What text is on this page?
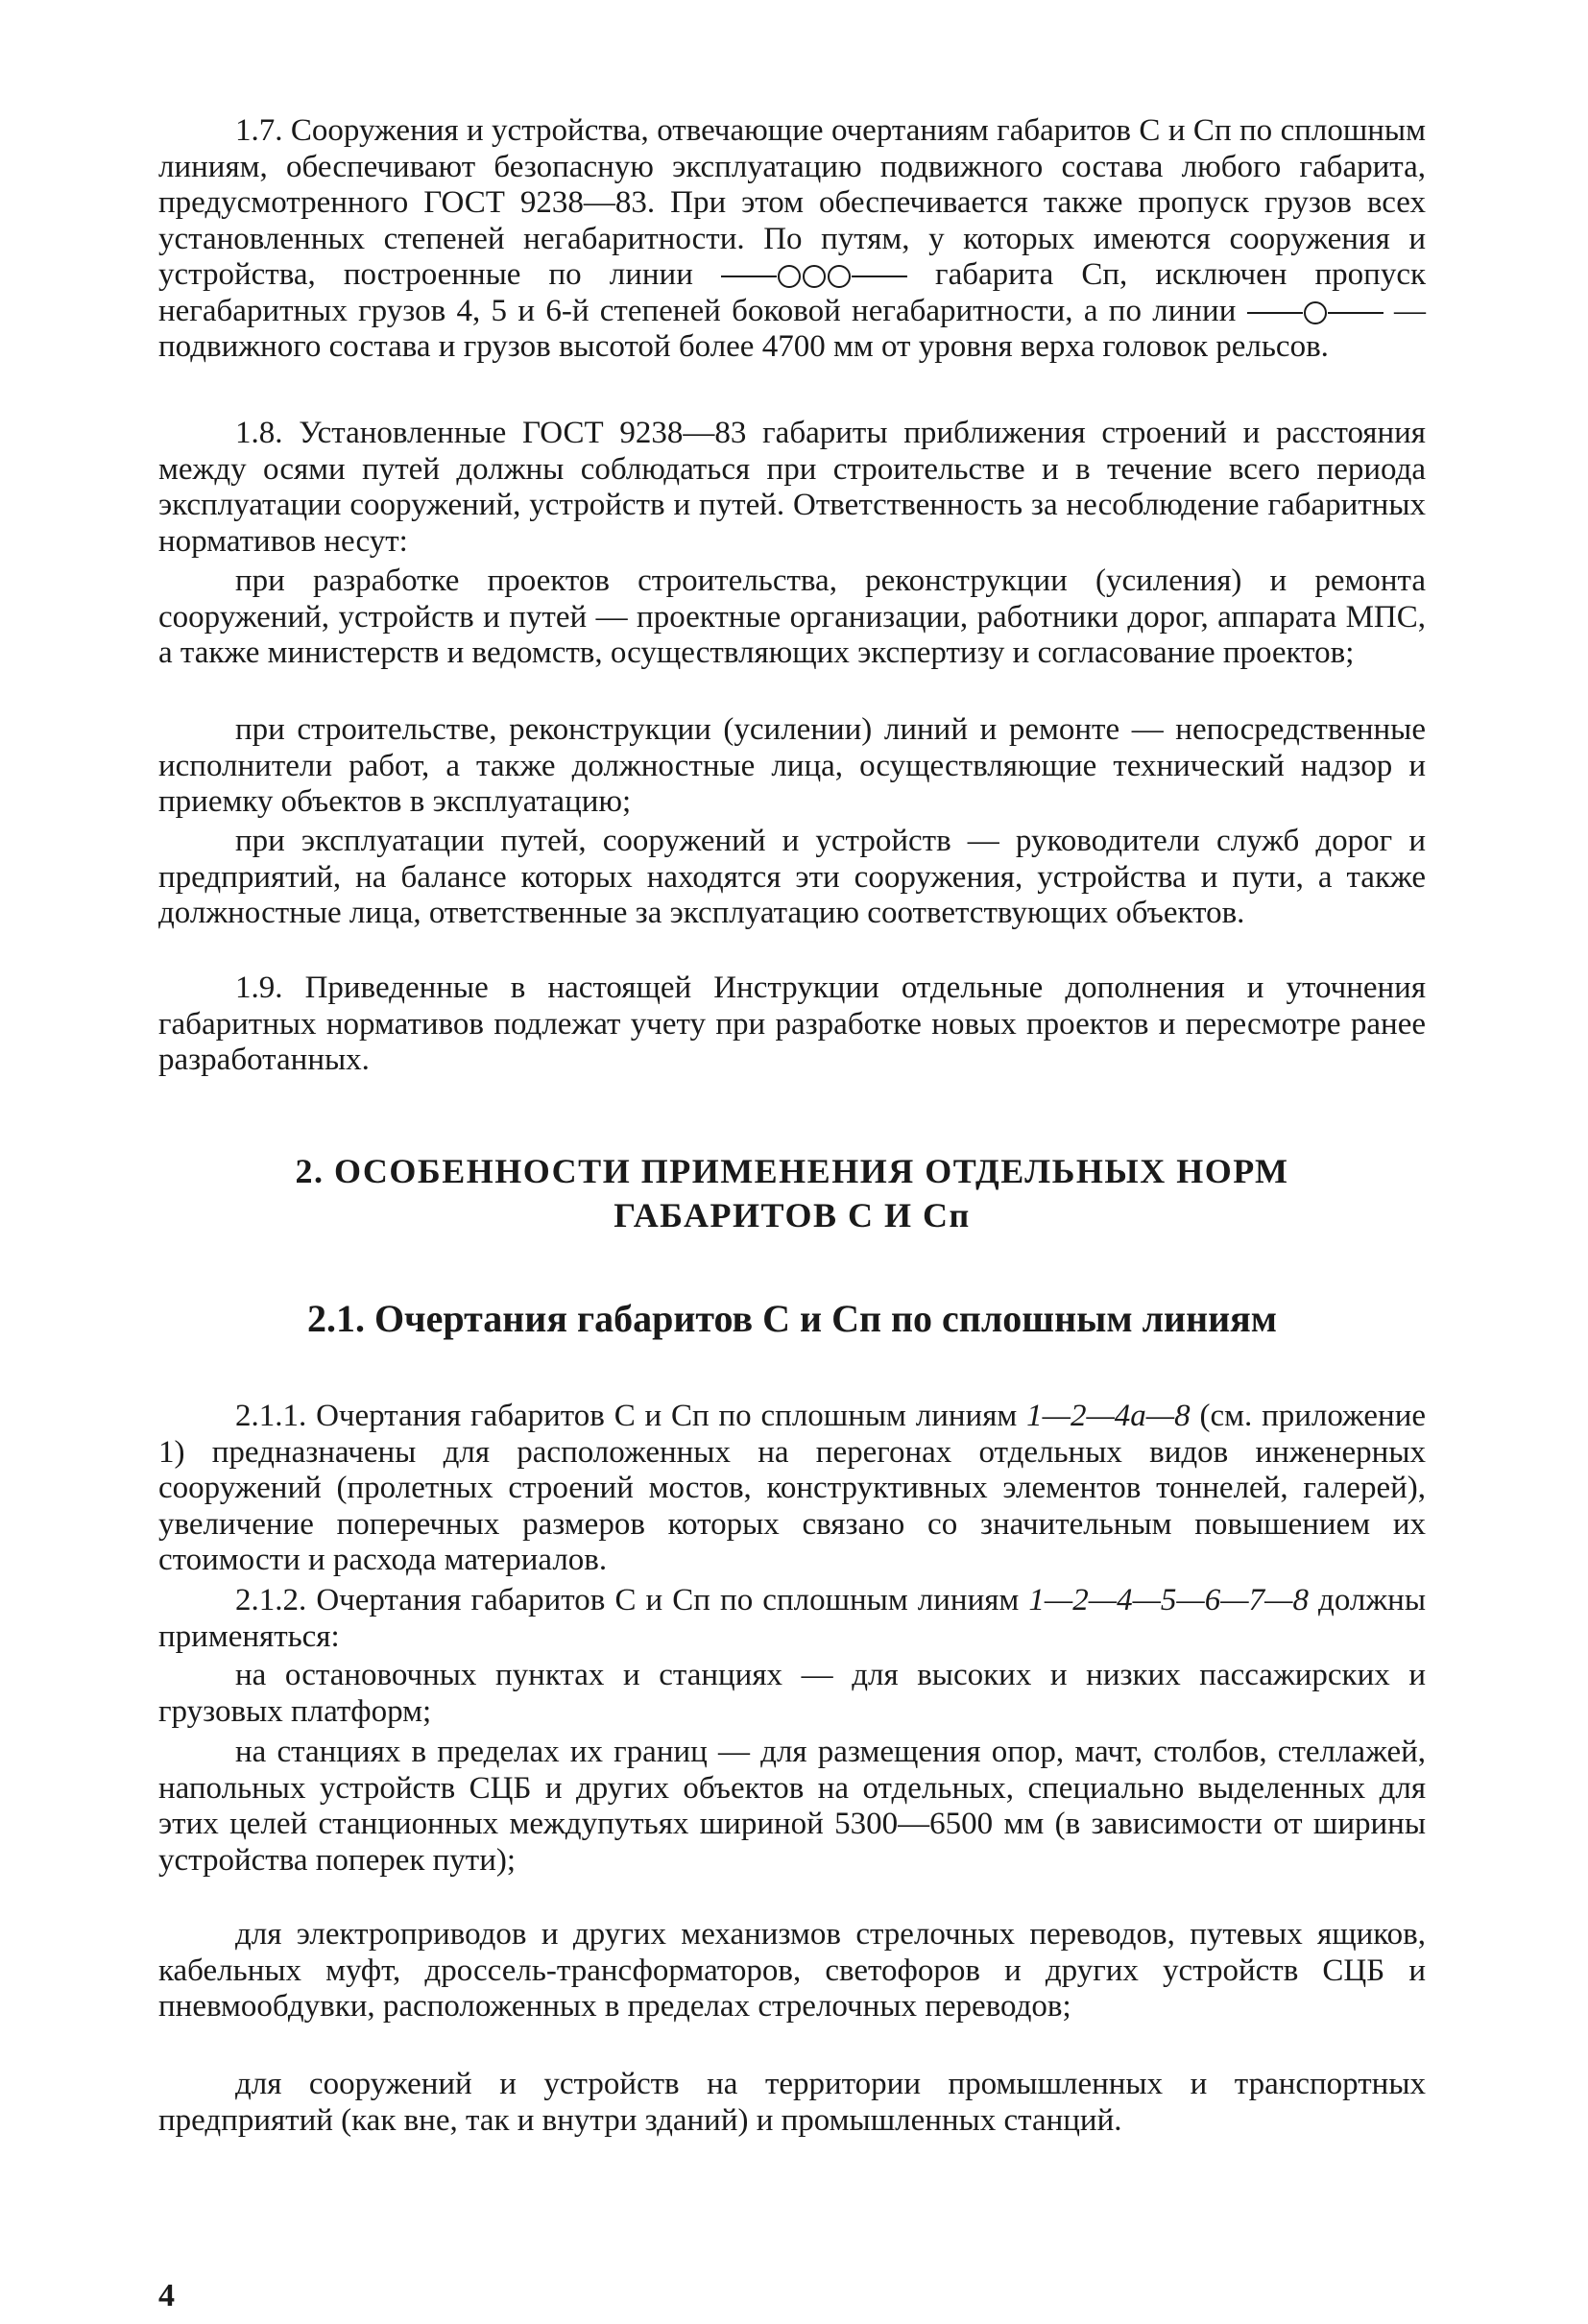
1.7. Сооружения и устройства, отвечающие очертаниям габаритов С и Сп по сплошным линиям, обеспечивают безопасную эксплуатацию подвижного состава любого габарита, предусмотренного ГОСТ 9238—83. При этом обеспечивается также пропуск грузов всех установленных степеней негабаритности. По путям, у которых имеются сооружения и устройства, построенные по линии	габарита Сп, исключен пропуск негабаритных грузов 4, 5 и 6-й степеней боковой негабаритности, а по линии	— подвижного состава и грузов высотой более 4700 мм от уровня верха головок рельсов.

1.8. Установленные ГОСТ 9238—83 габариты приближения строений и расстояния между осями путей должны соблюдаться при строительстве и в течение всего периода эксплуатации сооружений, устройств и путей. Ответственность за несоблюдение габаритных нормативов несут:

при разработке проектов строительства, реконструкции (усиления) и ремонта сооружений, устройств и путей — проектные организации, работники дорог, аппарата МПС, а также министерств и ведомств, осуществляющих экспертизу и согласование проектов;

при строительстве, реконструкции (усилении) линий и ремонте — непосредственные исполнители работ, а также должностные лица, осуществляющие технический надзор и приемку объектов в эксплуатацию;

при эксплуатации путей, сооружений и устройств — руководители служб дорог и предприятий, на балансе которых находятся эти сооружения, устройства и пути, а также должностные лица, ответственные за эксплуатацию соответствующих объектов.

1.9. Приведенные в настоящей Инструкции отдельные дополнения и уточнения габаритных нормативов подлежат учету при разработке новых проектов и пересмотре ранее разработанных.

2. ОСОБЕННОСТИ ПРИМЕНЕНИЯ ОТДЕЛЬНЫХ НОРМ
ГАБАРИТОВ С И Сп
2.1. Очертания габаритов С и Сп по сплошным линиям

2.1.1. Очертания габаритов С и Сп по сплошным линиям 1—2—4а—8 (см. приложение 1) предназначены для расположенных на перегонах отдельных видов инженерных сооружений (пролетных строений мостов, конструктивных элементов тоннелей, галерей), увеличение поперечных размеров которых связано со значительным повышением их стоимости и расхода материалов.

2.1.2. Очертания габаритов С и Сп по сплошным линиям 1—2—4—5—6—7—8 должны применяться:

на остановочных пунктах и станциях — для высоких и низких пассажирских и грузовых платформ;

на станциях в пределах их границ — для размещения опор, мачт, столбов, стеллажей, напольных устройств СЦБ и других объектов на отдельных, специально выделенных для этих целей станционных междупутьях шириной 5300—6500 мм (в зависимости от ширины устройства поперек пути);

для электроприводов и других механизмов стрелочных переводов, путевых ящиков, кабельных муфт, дроссель-трансформаторов, светофоров и других устройств СЦБ и пневмообдувки, расположенных в пределах стрелочных переводов;

для сооружений и устройств на территории промышленных и транспортных предприятий (как вне, так и внутри зданий) и промышленных станций.

4
